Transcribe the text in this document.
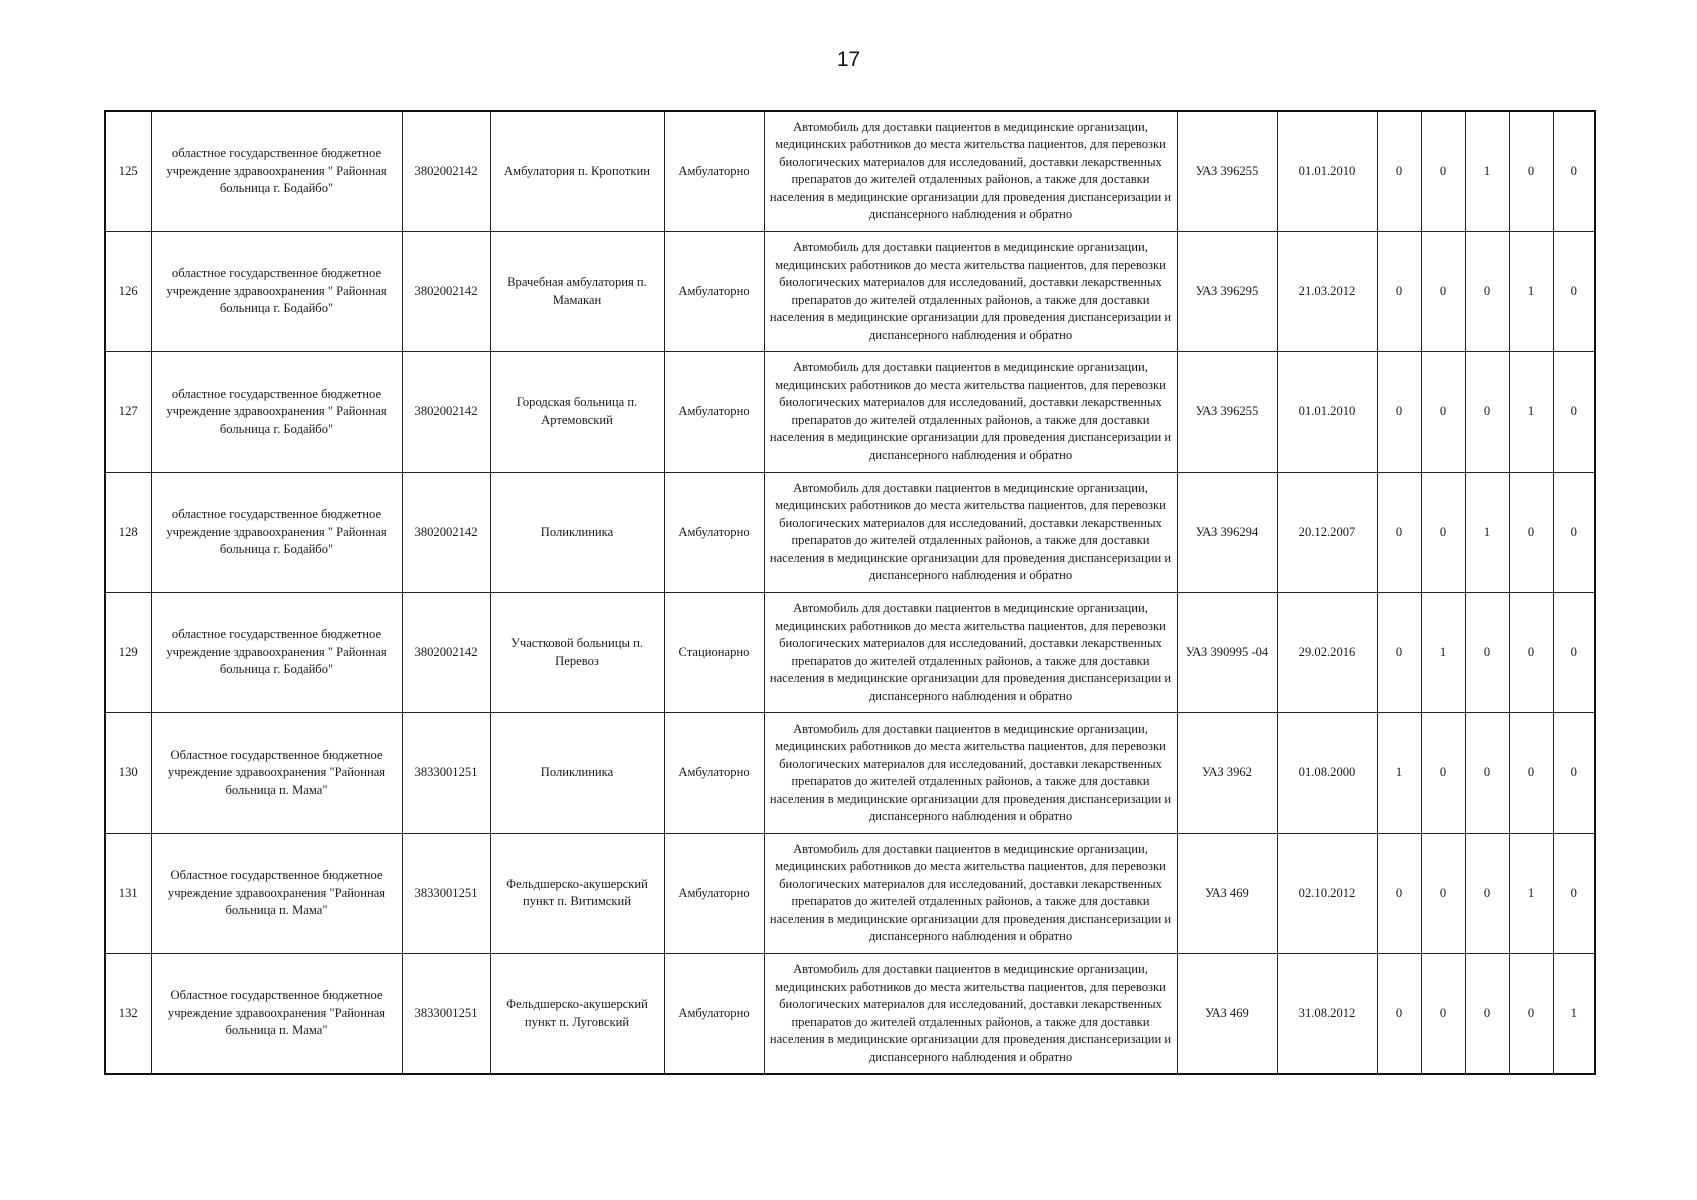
17
125	областное государственное бюджетное учреждение здравоохранения " Районная больница г. Бодайбо"	3802002142	Амбулатория п. Кропоткин	Амбулаторно	Автомобиль для доставки пациентов в медицинские организации, медицинских работников до места жительства пациентов, для перевозки биологических материалов для исследований, доставки лекарственных препаратов до жителей отдаленных районов, а также для доставки населения в медицинские организации для проведения диспансеризации и диспансерного наблюдения и обратно	УАЗ 396255	01.01.2010	0	0	1	0	0
126	областное государственное бюджетное учреждение здравоохранения " Районная больница г. Бодайбо"	3802002142	Врачебная амбулатория п. Мамакан	Амбулаторно	Автомобиль для доставки пациентов в медицинские организации, медицинских работников до места жительства пациентов, для перевозки биологических материалов для исследований, доставки лекарственных препаратов до жителей отдаленных районов, а также для доставки населения в медицинские организации для проведения диспансеризации и диспансерного наблюдения и обратно	УАЗ 396295	21.03.2012	0	0	0	1	0
127	областное государственное бюджетное учреждение здравоохранения " Районная больница г. Бодайбо"	3802002142	Городская больница п. Артемовский	Амбулаторно	Автомобиль для доставки пациентов в медицинские организации, медицинских работников до места жительства пациентов, для перевозки биологических материалов для исследований, доставки лекарственных препаратов до жителей отдаленных районов, а также для доставки населения в медицинские организации для проведения диспансеризации и диспансерного наблюдения и обратно	УАЗ 396255	01.01.2010	0	0	0	1	0
128	областное государственное бюджетное учреждение здравоохранения " Районная больница г. Бодайбо"	3802002142	Поликлиника	Амбулаторно	Автомобиль для доставки пациентов в медицинские организации, медицинских работников до места жительства пациентов, для перевозки биологических материалов для исследований, доставки лекарственных препаратов до жителей отдаленных районов, а также для доставки населения в медицинские организации для проведения диспансеризации и диспансерного наблюдения и обратно	УАЗ 396294	20.12.2007	0	0	1	0	0
129	областное государственное бюджетное учреждение здравоохранения " Районная больница г. Бодайбо"	3802002142	Участковой больницы п. Перевоз	Стационарно	Автомобиль для доставки пациентов в медицинские организации, медицинских работников до места жительства пациентов, для перевозки биологических материалов для исследований, доставки лекарственных препаратов до жителей отдаленных районов, а также для доставки населения в медицинские организации для проведения диспансеризации и диспансерного наблюдения и обратно	УАЗ 390995 -04	29.02.2016	0	1	0	0	0
130	Областное государственное бюджетное учреждение здравоохранения "Районная больница п. Мама"	3833001251	Поликлиника	Амбулаторно	Автомобиль для доставки пациентов в медицинские организации, медицинских работников до места жительства пациентов, для перевозки биологических материалов для исследований, доставки лекарственных препаратов до жителей отдаленных районов, а также для доставки населения в медицинские организации для проведения диспансеризации и диспансерного наблюдения и обратно	УАЗ 3962	01.08.2000	1	0	0	0	0
131	Областное государственное бюджетное учреждение здравоохранения "Районная больница п. Мама"	3833001251	Фельдшерско-акушерский пункт п. Витимский	Амбулаторно	Автомобиль для доставки пациентов в медицинские организации, медицинских работников до места жительства пациентов, для перевозки биологических материалов для исследований, доставки лекарственных препаратов до жителей отдаленных районов, а также для доставки населения в медицинские организации для проведения диспансеризации и диспансерного наблюдения и обратно	УАЗ 469	02.10.2012	0	0	0	1	0
132	Областное государственное бюджетное учреждение здравоохранения "Районная больница п. Мама"	3833001251	Фельдшерско-акушерский пункт п. Луговский	Амбулаторно	Автомобиль для доставки пациентов в медицинские организации, медицинских работников до места жительства пациентов, для перевозки биологических материалов для исследований, доставки лекарственных препаратов до жителей отдаленных районов, а также для доставки населения в медицинские организации для проведения диспансеризации и диспансерного наблюдения и обратно	УАЗ 469	31.08.2012	0	0	0	0	1
